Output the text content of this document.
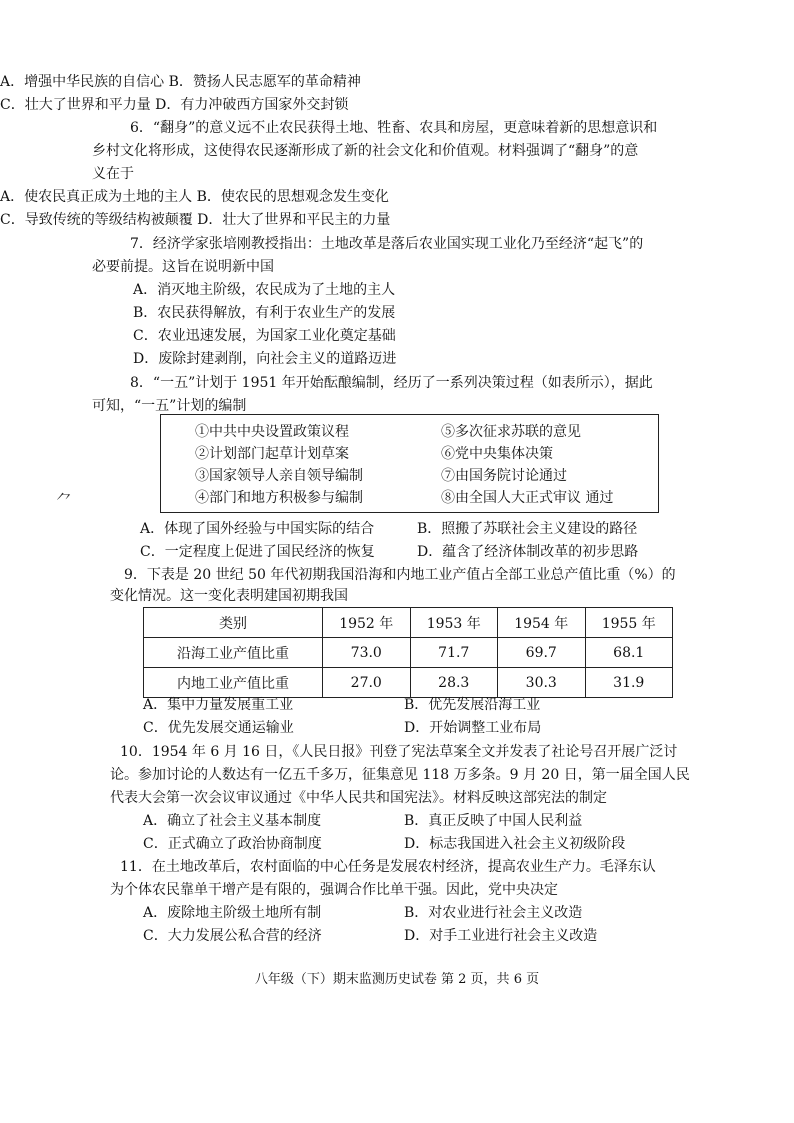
A．增强中华民族的自信心 B．赞扬人民志愿军的革命精神
C．壮大了世界和平力量 D．有力冲破西方国家外交封锁
6．“翻身”的意义远不止农民获得土地、牲畜、农具和房屋，更意味着新的思想意识和
乡村文化将形成，这使得农民逐渐形成了新的社会文化和价值观。材料强调了“翻身”的意
义在于
A．使农民真正成为土地的主人 B．使农民的思想观念发生变化
C．导致传统的等级结构被颠覆 D．壮大了世界和平民主的力量
7．经济学家张培刚教授指出：土地改革是落后农业国实现工业化乃至经济“起飞”的
必要前提。这旨在说明新中国
A．消灭地主阶级，农民成为了土地的主人
B．农民获得解放，有利于农业生产的发展
C．农业迅速发展，为国家工业化奠定基础
D．废除封建剥削，向社会主义的道路迈进
8．“一五”计划于 1951 年开始酝酿编制，经历了一系列决策过程（如表所示），据此
可知，“一五”计划的编制
①中共中央设置政策议程	⑤多次征求苏联的意见
②计划部门起草计划草案	⑥党中央集体决策
③国家领导人亲自领导编制	⑦由国务院讨论通过
④部门和地方积极参与编制	⑧由全国人大正式审议 通过
⺈
A．体现了国外经验与中国实际的结合	B．照搬了苏联社会主义建设的路径
C．一定程度上促进了国民经济的恢复	D．蕴含了经济体制改革的初步思路
9．下表是 20 世纪 50 年代初期我国沿海和内地工业产值占全部工业总产值比重（%）的
变化情况。这一变化表明建国初期我国
类别	1952 年	1953 年	1954 年	1955 年
沿海工业产值比重	73.0	71.7	69.7	68.1
内地工业产值比重	27.0	28.3	30.3	31.9
A．集中力量发展重工业	B．优先发展沿海工业
C．优先发展交通运输业	D．开始调整工业布局
10．1954 年 6 月 16 日，《人民日报》刊登了宪法草案全文并发表了社论号召开展广泛讨
论。参加讨论的人数达有一亿五千多万，征集意见 118 万多条。9 月 20 日，第一届全国人民
代表大会第一次会议审议通过《中华人民共和国宪法》。材料反映这部宪法的制定
A．确立了社会主义基本制度	B．真正反映了中国人民利益
C．正式确立了政治协商制度	D．标志我国进入社会主义初级阶段
11．在土地改革后，农村面临的中心任务是发展农村经济，提高农业生产力。毛泽东认
为个体农民靠单干增产是有限的，强调合作比单干强。因此，党中央决定
A．废除地主阶级土地所有制	B．对农业进行社会主义改造
C．大力发展公私合营的经济	D．对手工业进行社会主义改造
八年级（下）期末监测历史试卷 第 2 页，共 6 页
